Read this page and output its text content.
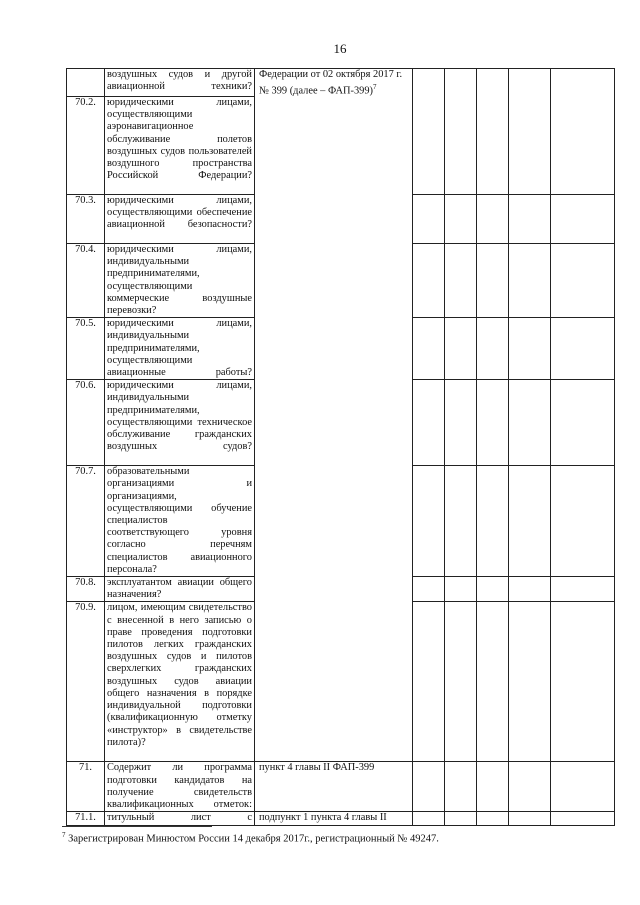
16
	воздушных судов и другой авиационной техники?	Федерации от 02 октября 2017 г. № 399 (далее – ФАП-399)$^7$					
70.2.	юридическими лицами, осуществляющими аэронавигационное обслуживание полетов воздушных судов пользователей воздушного пространства Российской Федерации?						
70.3.	юридическими лицами, осуществляющими обеспечение авиационной безопасности?						
70.4.	юридическими лицами, индивидуальными предпринимателями, осуществляющими коммерческие воздушные перевозки?						
70.5.	юридическими лицами, индивидуальными предпринимателями, осуществляющими авиационные работы?						
70.6.	юридическими лицами, индивидуальными предпринимателями, осуществляющими техническое обслуживание гражданских воздушных судов?						
70.7.	образовательными организациями и организациями, осуществляющими обучение специалистов соответствующего уровня согласно перечням специалистов авиационного персонала?						
70.8.	эксплуатантом авиации общего назначения?						
70.9.	лицом, имеющим свидетельство с внесенной в него записью о праве проведения подготовки пилотов легких гражданских воздушных судов и пилотов сверхлегких гражданских воздушных судов авиации общего назначения в порядке индивидуальной подготовки (квалификационную отметку «инструктор» в свидетельстве пилота)?						
71.	Содержит ли программа подготовки кандидатов на получение свидетельств квалификационных отметок:	пункт 4 главы II ФАП-399					
71.1.	титульный лист с	подпункт 1 пункта 4 главы II					
$^7$ Зарегистрирован Минюстом России 14 декабря 2017г., регистрационный № 49247.
